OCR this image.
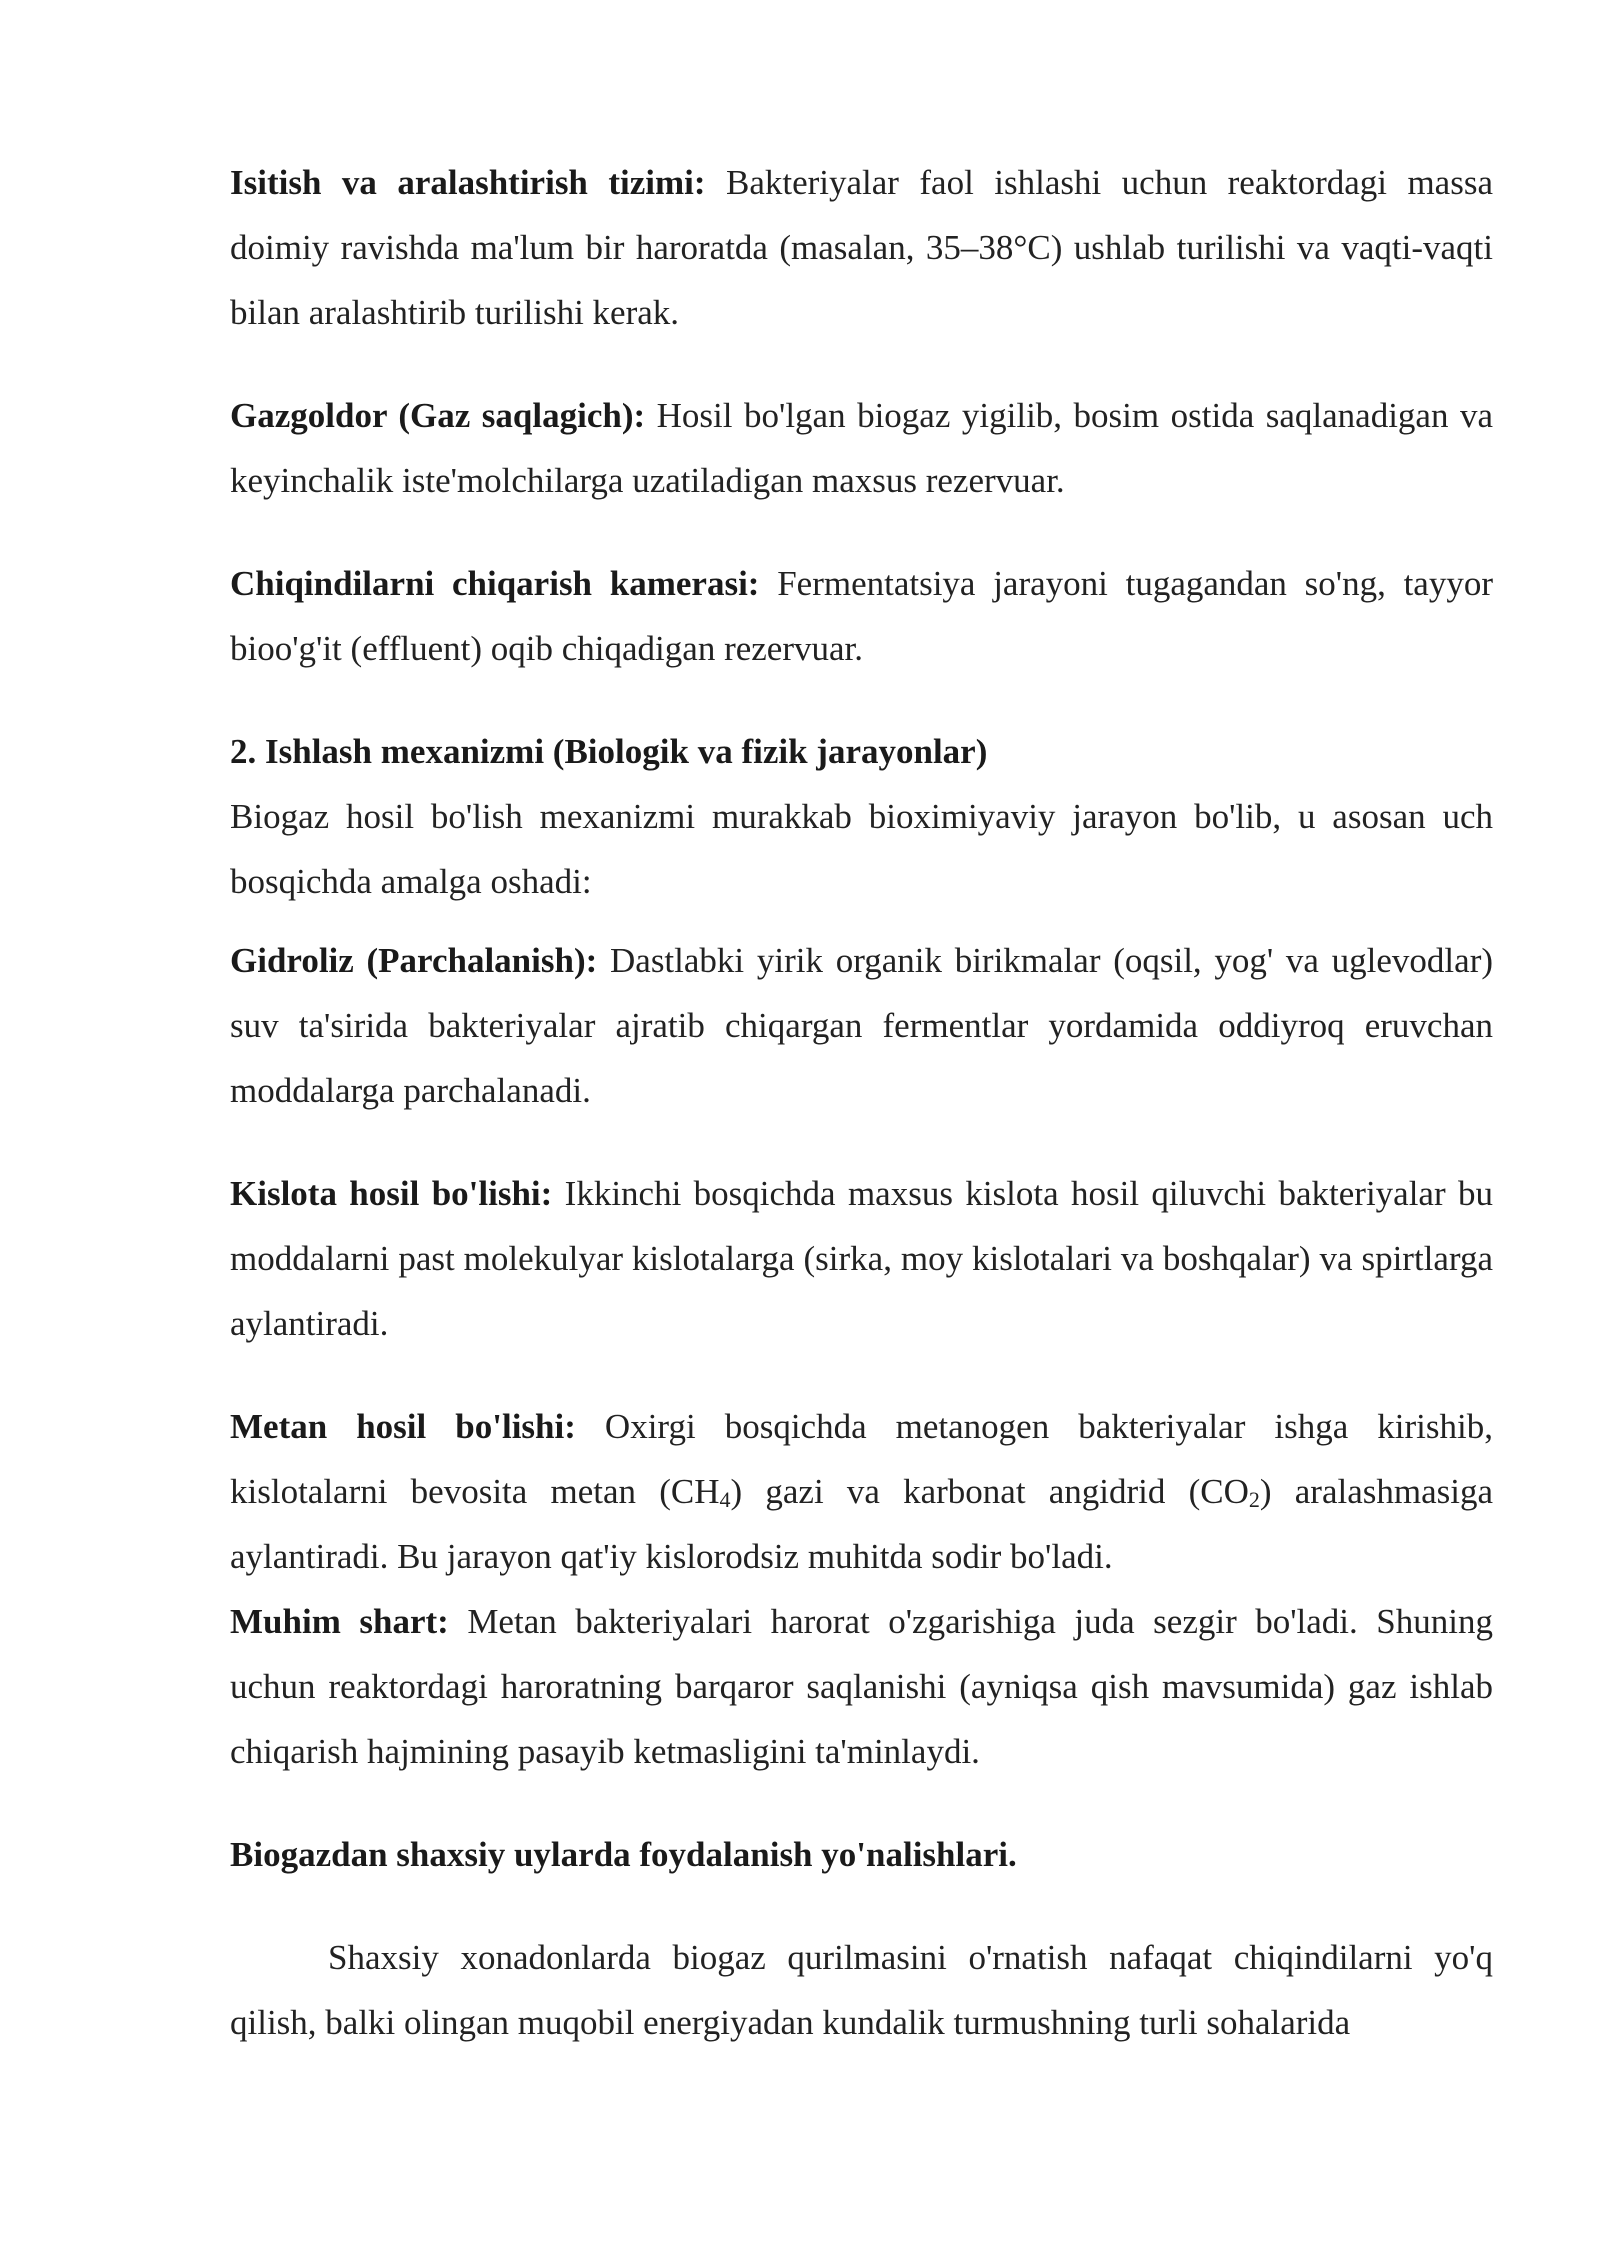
Isitish va aralashtirish tizimi: Bakteriyalar faol ishlashi uchun reaktordagi massa doimiy ravishda ma'lum bir haroratda (masalan, 35–38°C) ushlab turilishi va vaqti-vaqti bilan aralashtirib turilishi kerak.

Gazgoldor (Gaz saqlagich): Hosil bo'lgan biogaz yigilib, bosim ostida saqlanadigan va keyinchalik iste'molchilarga uzatiladigan maxsus rezervuar.

Chiqindilarni chiqarish kamerasi: Fermentatsiya jarayoni tugagandan so'ng, tayyor bioo'g'it (effluent) oqib chiqadigan rezervuar.

2. Ishlash mexanizmi (Biologik va fizik jarayonlar)

Biogaz hosil bo'lish mexanizmi murakkab bioximiyaviy jarayon bo'lib, u asosan uch bosqichda amalga oshadi:

Gidroliz (Parchalanish): Dastlabki yirik organik birikmalar (oqsil, yog' va uglevodlar) suv ta'sirida bakteriyalar ajratib chiqargan fermentlar yordamida oddiyroq eruvchan moddalarga parchalanadi.

Kislota hosil bo'lishi: Ikkinchi bosqichda maxsus kislota hosil qiluvchi bakteriyalar bu moddalarni past molekulyar kislotalarga (sirka, moy kislotalari va boshqalar) va spirtlarga aylantiradi.

Metan hosil bo'lishi: Oxirgi bosqichda metanogen bakteriyalar ishga kirishib, kislotalarni bevosita metan $(CH_4)$ gazi va karbonat angidrid $(CO_2)$ aralashmasiga aylantiradi. Bu jarayon qat'iy kislorodsiz muhitda sodir bo'ladi.

Muhim shart: Metan bakteriyalari harorat o'zgarishiga juda sezgir bo'ladi. Shuning uchun reaktordagi haroratning barqaror saqlanishi (ayniqsa qish mavsumida) gaz ishlab chiqarish hajmining pasayib ketmasligini ta'minlaydi.

Biogazdan shaxsiy uylarda foydalanish yo'nalishlari.

Shaxsiy xonadonlarda biogaz qurilmasini o'rnatish nafaqat chiqindilarni yo'q qilish, balki olingan muqobil energiyadan kundalik turmushning turli sohalarida
